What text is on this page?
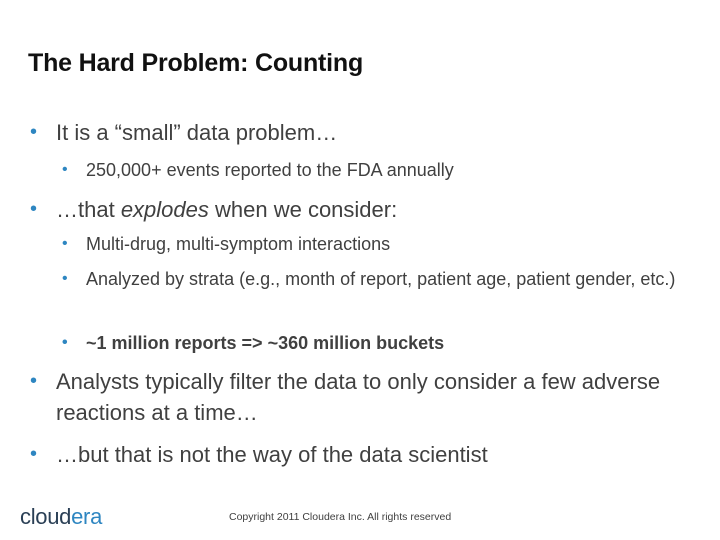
The Hard Problem: Counting
• It is a “small” data problem…
• 250,000+ events reported to the FDA annually
• …that explodes when we consider:
• Multi-drug, multi-symptom interactions
• Analyzed by strata (e.g., month of report, patient age, patient gender, etc.)
• ~1 million reports => ~360 million buckets
• Analysts typically filter the data to only consider a few adverse reactions at a time…
• …but that is not the way of the data scientist
cloudera	Copyright 2011 Cloudera Inc. All rights reserved
